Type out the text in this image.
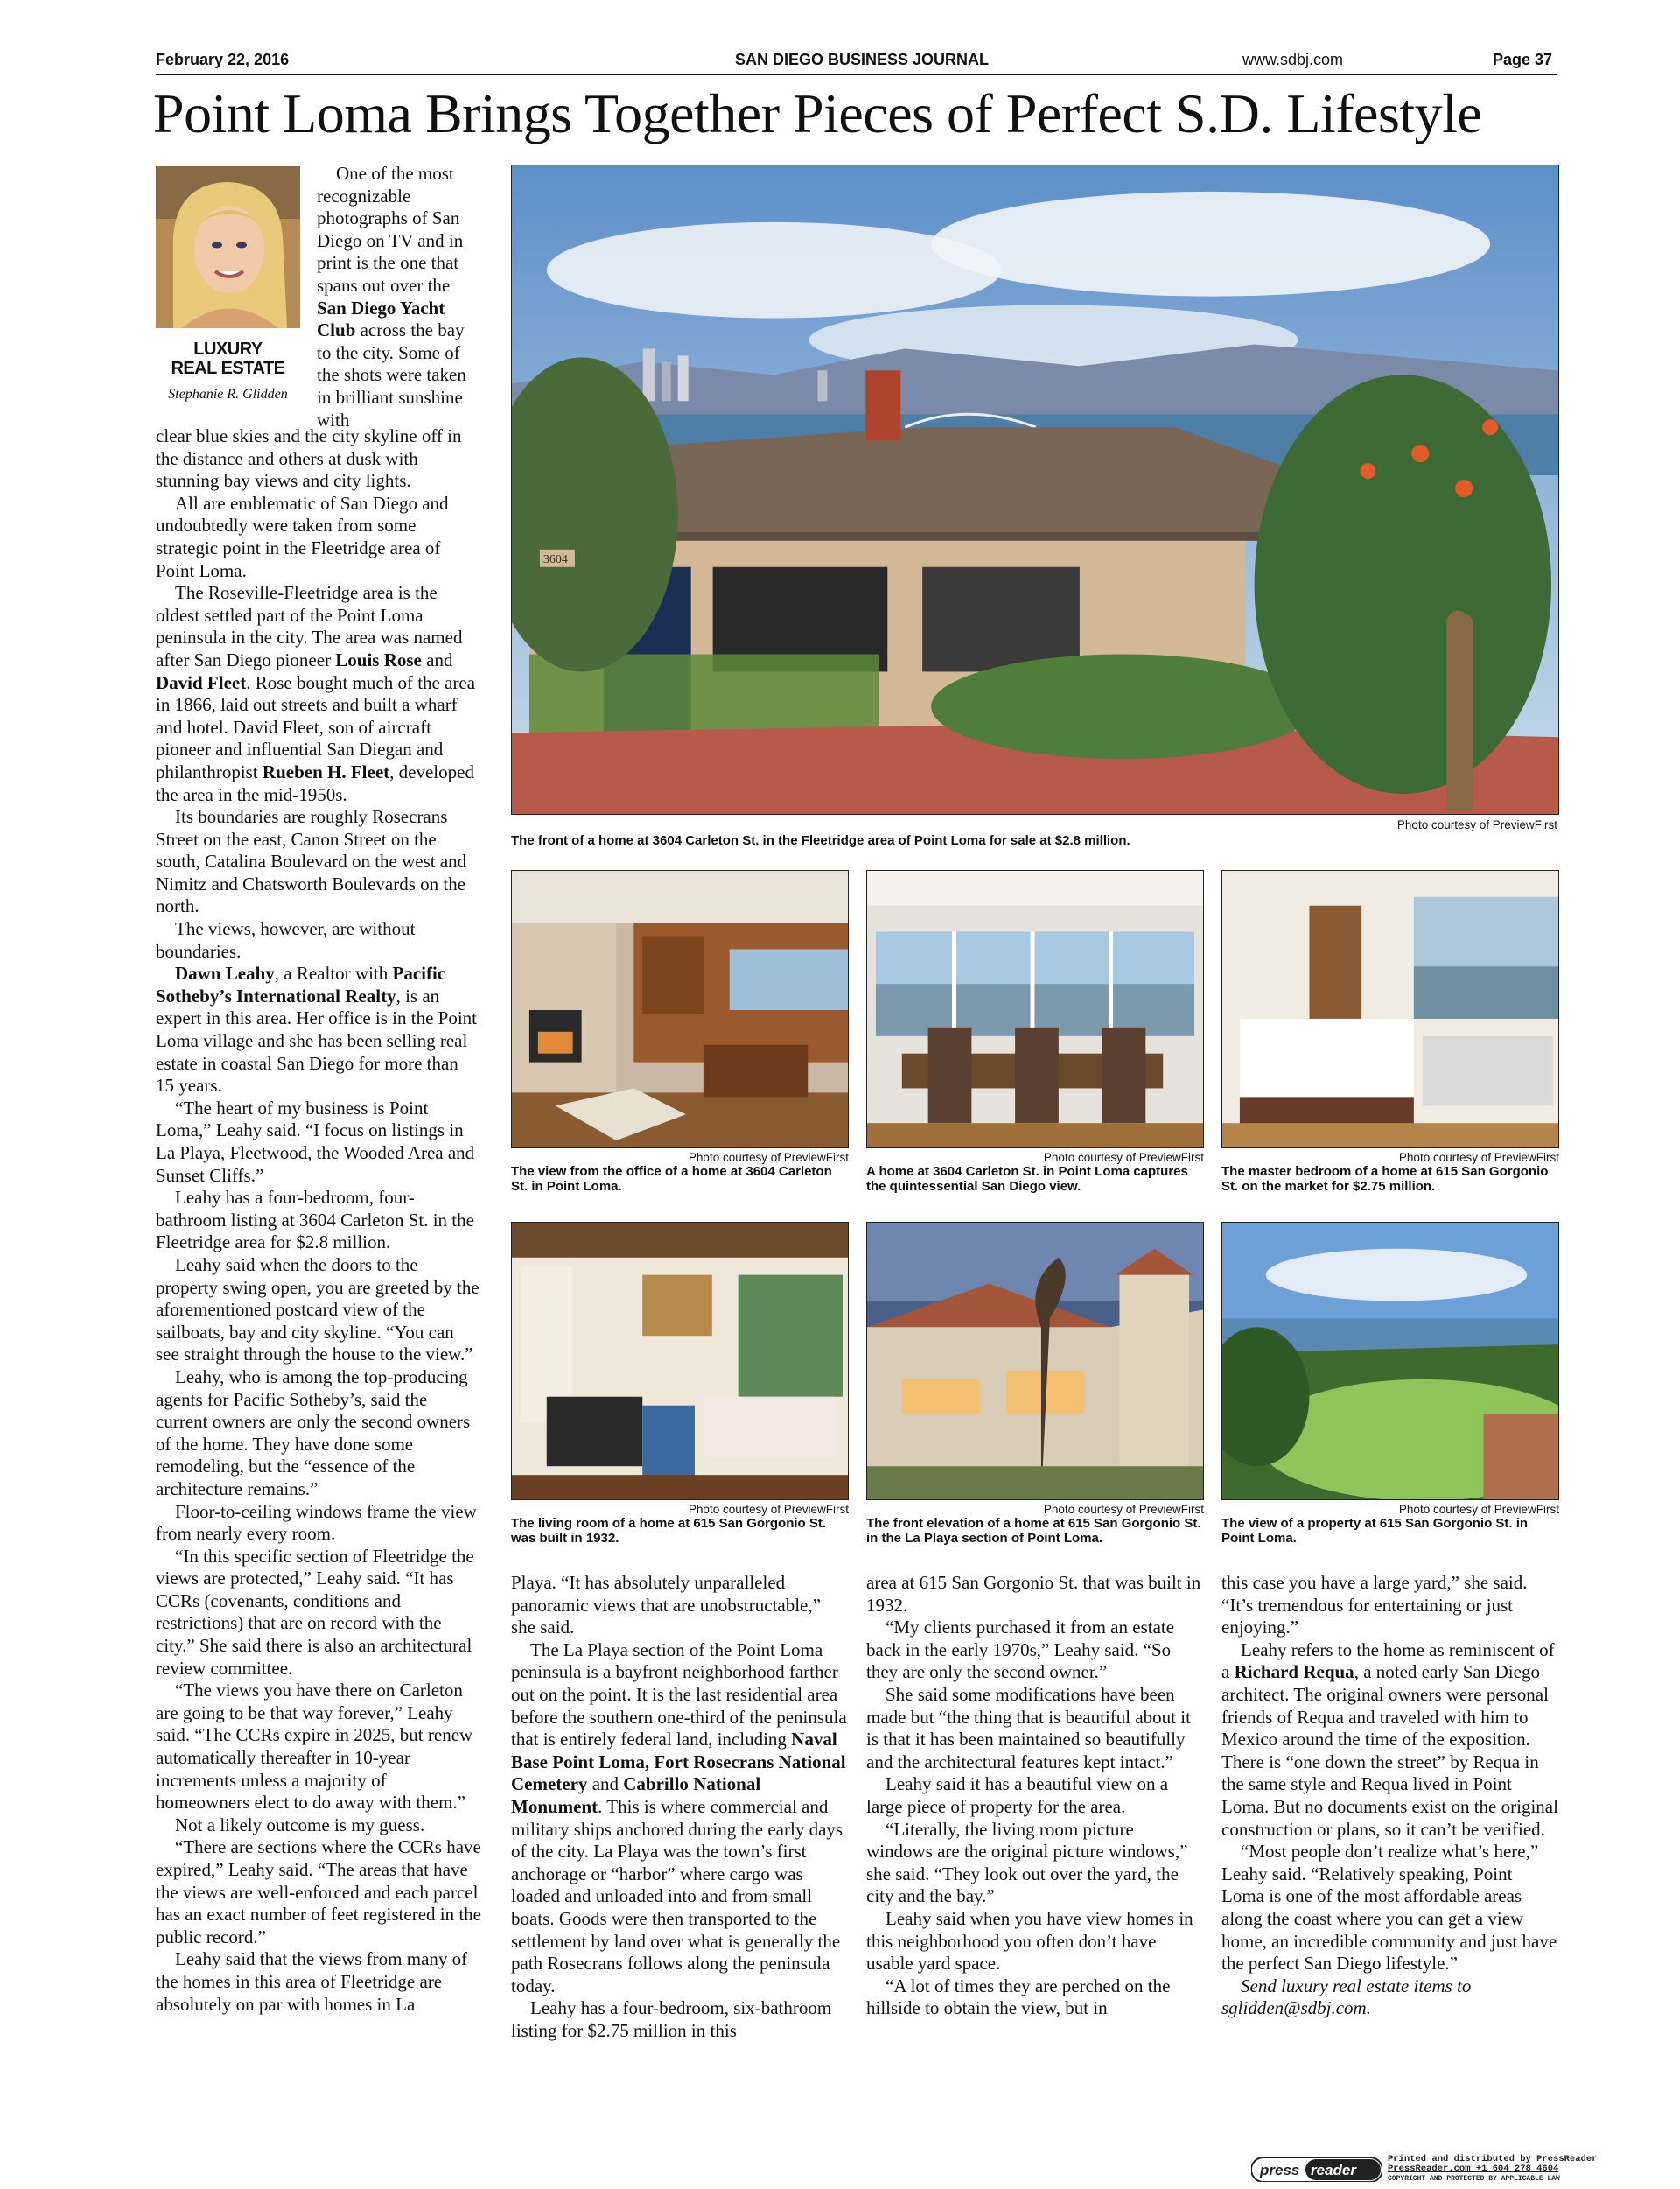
February 22, 2016	SAN DIEGO BUSINESS JOURNAL	www.sdbj.com	Page 37
Point Loma Brings Together Pieces of Perfect S.D. Lifestyle
LUXURY
REAL ESTATE
Stephanie R. Glidden

One of the most recognizable photographs of San Diego on TV and in print is the one that spans out over the San Diego Yacht Club across the bay to the city. Some of the shots were taken in brilliant sunshine with

clear blue skies and the city skyline off in the distance and others at dusk with stunning bay views and city lights.

All are emblematic of San Diego and undoubtedly were taken from some strategic point in the Fleetridge area of Point Loma.

The Roseville-Fleetridge area is the oldest settled part of the Point Loma peninsula in the city. The area was named after San Diego pioneer Louis Rose and David Fleet. Rose bought much of the area in 1866, laid out streets and built a wharf and hotel. David Fleet, son of aircraft pioneer and influential San Diegan and philanthropist Rueben H. Fleet, developed the area in the mid-1950s.

Its boundaries are roughly Rosecrans Street on the east, Canon Street on the south, Catalina Boulevard on the west and Nimitz and Chatsworth Boulevards on the north.

The views, however, are without boundaries.

Dawn Leahy, a Realtor with Pacific Sotheby’s International Realty, is an expert in this area. Her office is in the Point Loma village and she has been selling real estate in coastal San Diego for more than 15 years.

“The heart of my business is Point Loma,” Leahy said. “I focus on listings in La Playa, Fleetwood, the Wooded Area and Sunset Cliffs.”

Leahy has a four-bedroom, four-bathroom listing at 3604 Carleton St. in the Fleetridge area for $2.8 million.

Leahy said when the doors to the property swing open, you are greeted by the aforementioned postcard view of the sailboats, bay and city skyline. “You can see straight through the house to the view.”

Leahy, who is among the top-producing agents for Pacific Sotheby’s, said the current owners are only the second owners of the home. They have done some remodeling, but the “essence of the architecture remains.”

Floor-to-ceiling windows frame the view from nearly every room.

“In this specific section of Fleetridge the views are protected,” Leahy said. “It has CCRs (covenants, conditions and restrictions) that are on record with the city.” She said there is also an architectural review committee.

“The views you have there on Carleton are going to be that way forever,” Leahy said. “The CCRs expire in 2025, but renew automatically thereafter in 10-year increments unless a majority of homeowners elect to do away with them.”

Not a likely outcome is my guess.

“There are sections where the CCRs have expired,” Leahy said. “The areas that have the views are well-enforced and each parcel has an exact number of feet registered in the public record.”

Leahy said that the views from many of the homes in this area of Fleetridge are absolutely on par with homes in La

3604
Photo courtesy of PreviewFirst
The front of a home at 3604 Carleton St. in the Fleetridge area of Point Loma for sale at $2.8 million.
Photo courtesy of PreviewFirst	Photo courtesy of PreviewFirst	Photo courtesy of PreviewFirst
The view from the office of a home at 3604 Carleton St. in Point Loma.
A home at 3604 Carleton St. in Point Loma captures the quintessential San Diego view.
The master bedroom of a home at 615 San Gorgonio St. on the market for $2.75 million.
Photo courtesy of PreviewFirst	Photo courtesy of PreviewFirst	Photo courtesy of PreviewFirst
The living room of a home at 615 San Gorgonio St. was built in 1932.
The front elevation of a home at 615 San Gorgonio St. in the La Playa section of Point Loma.
The view of a property at 615 San Gorgonio St. in Point Loma.

Playa. “It has absolutely unparalleled panoramic views that are unobstructable,” she said.

The La Playa section of the Point Loma peninsula is a bayfront neighborhood farther out on the point. It is the last residential area before the southern one-third of the peninsula that is entirely federal land, including Naval Base Point Loma, Fort Rosecrans National Cemetery and Cabrillo National Monument. This is where commercial and military ships anchored during the early days of the city. La Playa was the town’s first anchorage or “harbor” where cargo was loaded and unloaded into and from small boats. Goods were then transported to the settlement by land over what is generally the path Rosecrans follows along the peninsula today.

Leahy has a four-bedroom, six-bathroom listing for $2.75 million in this

area at 615 San Gorgonio St. that was built in 1932.

“My clients purchased it from an estate back in the early 1970s,” Leahy said. “So they are only the second owner.”

She said some modifications have been made but “the thing that is beautiful about it is that it has been maintained so beautifully and the architectural features kept intact.”

Leahy said it has a beautiful view on a large piece of property for the area.

“Literally, the living room picture windows are the original picture windows,” she said. “They look out over the yard, the city and the bay.”

Leahy said when you have view homes in this neighborhood you often don’t have usable yard space.

“A lot of times they are perched on the hillside to obtain the view, but in

this case you have a large yard,” she said. “It’s tremendous for entertaining or just enjoying.”

Leahy refers to the home as reminiscent of a Richard Requa, a noted early San Diego architect. The original owners were personal friends of Requa and traveled with him to Mexico around the time of the exposition. There is “one down the street” by Requa in the same style and Requa lived in Point Loma. But no documents exist on the original construction or plans, so it can’t be verified.

“Most people don’t realize what’s here,” Leahy said. “Relatively speaking, Point Loma is one of the most affordable areas along the coast where you can get a view home, an incredible community and just have the perfect San Diego lifestyle.”

Send luxury real estate items to sglidden@sdbj.com.

press reader
Printed and distributed by PressReader
PressReader.com +1 604 278 4604
COPYRIGHT AND PROTECTED BY APPLICABLE LAW
